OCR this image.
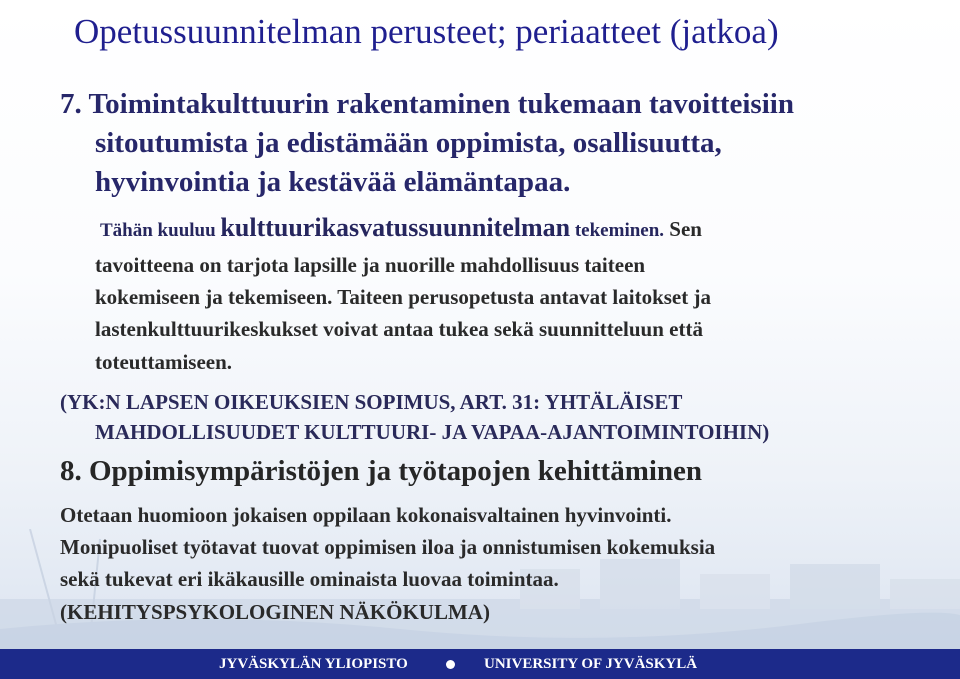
Opetussuunnitelman perusteet; periaatteet (jatkoa)
7. Toimintakulttuurin rakentaminen tukemaan tavoitteisiin
sitoutumista ja edistämään oppimista, osallisuutta,
hyvinvointia ja kestävää elämäntapaa.
Tähän kuuluu kulttuurikasvatussuunnitelman tekeminen. Sen
tavoitteena on tarjota lapsille ja nuorille mahdollisuus taiteen
kokemiseen ja tekemiseen. Taiteen perusopetusta antavat laitokset ja
lastenkulttuurikeskukset voivat antaa tukea sekä suunnitteluun että
toteuttamiseen.
(YK:N LAPSEN OIKEUKSIEN SOPIMUS, ART. 31: YHTÄLÄISET
MAHDOLLISUUDET KULTTUURI- JA VAPAA-AJANTOIMINTOIHIN)
8. Oppimisympäristöjen ja työtapojen kehittäminen
Otetaan huomioon jokaisen oppilaan kokonaisvaltainen hyvinvointi.
Monipuoliset työtavat tuovat oppimisen iloa ja onnistumisen kokemuksia
sekä tukevat eri ikäkausille ominaista luovaa toimintaa.
(KEHITYSPSYKOLOGINEN NÄKÖKULMA)
JYVÄSKYLÄN YLIOPISTO	UNIVERSITY OF JYVÄSKYLÄ
